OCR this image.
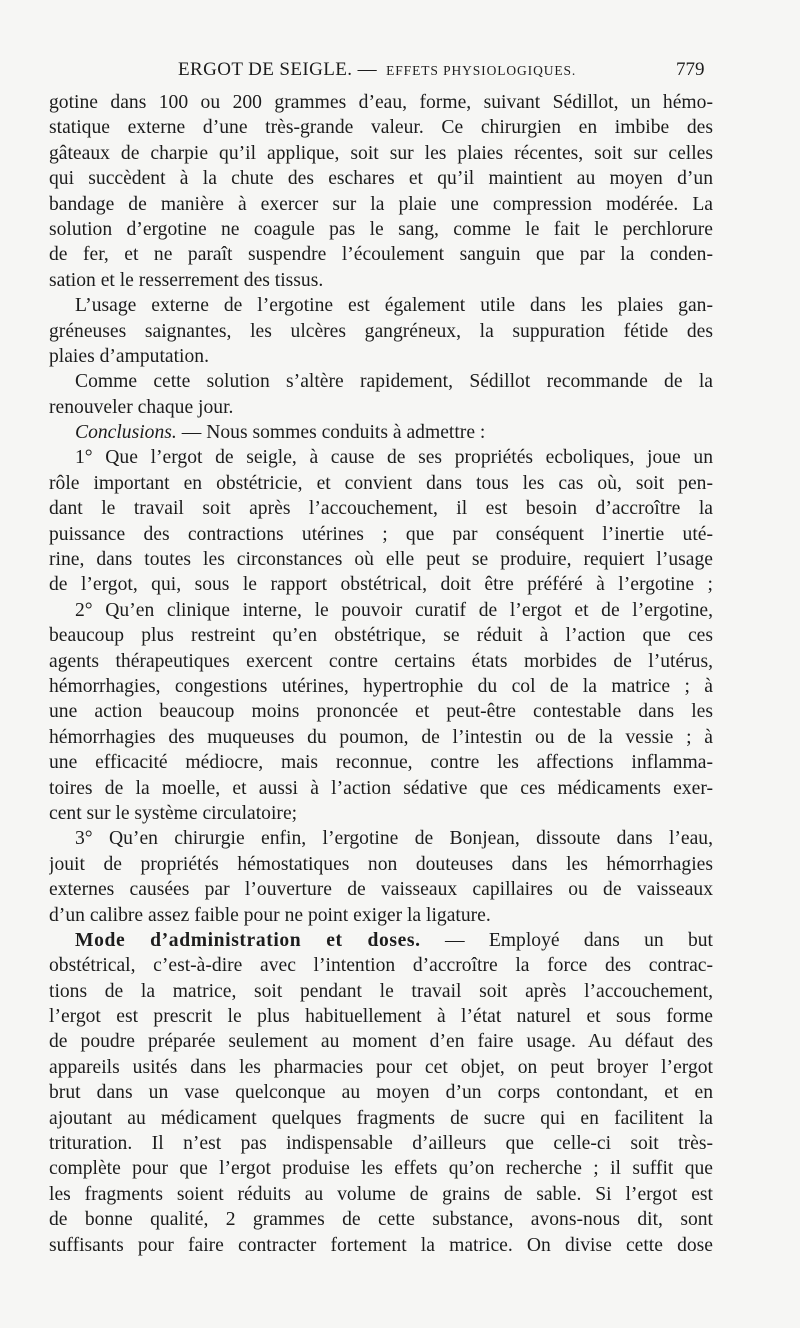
ERGOT DE SEIGLE. — EFFETS PHYSIOLOGIQUES.	779
gotine dans 100 ou 200 grammes d’eau, forme, suivant Sédillot, un hémo-
statique externe d’une très-grande valeur. Ce chirurgien en imbibe des
gâteaux de charpie qu’il applique, soit sur les plaies récentes, soit sur celles
qui succèdent à la chute des eschares et qu’il maintient au moyen d’un
bandage de manière à exercer sur la plaie une compression modérée. La
solution d’ergotine ne coagule pas le sang, comme le fait le perchlorure
de fer, et ne paraît suspendre l’écoulement sanguin que par la conden-
sation et le resserrement des tissus.
L’usage externe de l’ergotine est également utile dans les plaies gan-
gréneuses saignantes, les ulcères gangréneux, la suppuration fétide des
plaies d’amputation.
Comme cette solution s’altère rapidement, Sédillot recommande de la
renouveler chaque jour.
Conclusions. — Nous sommes conduits à admettre :
1° Que l’ergot de seigle, à cause de ses propriétés ecboliques, joue un
rôle important en obstétricie, et convient dans tous les cas où, soit pen-
dant le travail soit après l’accouchement, il est besoin d’accroître la
puissance des contractions utérines ; que par conséquent l’inertie uté-
rine, dans toutes les circonstances où elle peut se produire, requiert l’usage
de l’ergot, qui, sous le rapport obstétrical, doit être préféré à l’ergotine ;
2° Qu’en clinique interne, le pouvoir curatif de l’ergot et de l’ergotine,
beaucoup plus restreint qu’en obstétrique, se réduit à l’action que ces
agents thérapeutiques exercent contre certains états morbides de l’utérus,
hémorrhagies, congestions utérines, hypertrophie du col de la matrice ; à
une action beaucoup moins prononcée et peut-être contestable dans les
hémorrhagies des muqueuses du poumon, de l’intestin ou de la vessie ; à
une efficacité médiocre, mais reconnue, contre les affections inflamma-
toires de la moelle, et aussi à l’action sédative que ces médicaments exer-
cent sur le système circulatoire;
3° Qu’en chirurgie enfin, l’ergotine de Bonjean, dissoute dans l’eau,
jouit de propriétés hémostatiques non douteuses dans les hémorrhagies
externes causées par l’ouverture de vaisseaux capillaires ou de vaisseaux
d’un calibre assez faible pour ne point exiger la ligature.
Mode d’administration et doses. — Employé dans un but
obstétrical, c’est-à-dire avec l’intention d’accroître la force des contrac-
tions de la matrice, soit pendant le travail soit après l’accouchement,
l’ergot est prescrit le plus habituellement à l’état naturel et sous forme
de poudre préparée seulement au moment d’en faire usage. Au défaut des
appareils usités dans les pharmacies pour cet objet, on peut broyer l’ergot
brut dans un vase quelconque au moyen d’un corps contondant, et en
ajoutant au médicament quelques fragments de sucre qui en facilitent la
trituration. Il n’est pas indispensable d’ailleurs que celle-ci soit très-
complète pour que l’ergot produise les effets qu’on recherche ; il suffit que
les fragments soient réduits au volume de grains de sable. Si l’ergot est
de bonne qualité, 2 grammes de cette substance, avons-nous dit, sont
suffisants pour faire contracter fortement la matrice. On divise cette dose
